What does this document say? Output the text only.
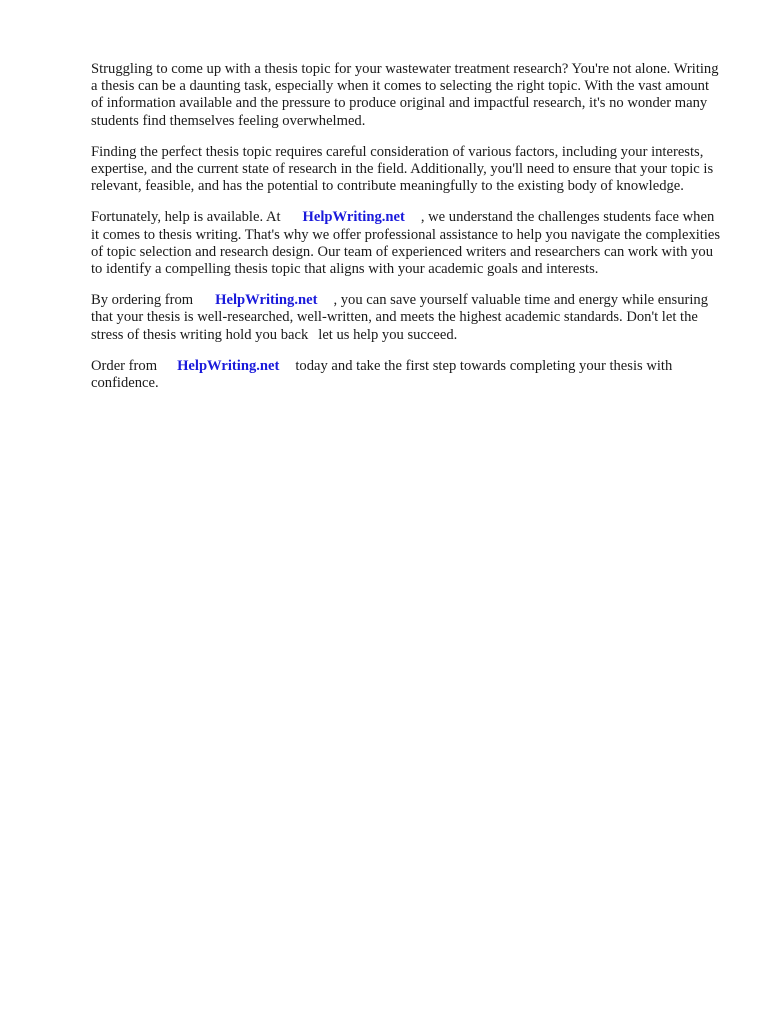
Struggling to come up with a thesis topic for your wastewater treatment research? You're not alone. Writing a thesis can be a daunting task, especially when it comes to selecting the right topic. With the vast amount of information available and the pressure to produce original and impactful research, it's no wonder many students find themselves feeling overwhelmed.

Finding the perfect thesis topic requires careful consideration of various factors, including your interests, expertise, and the current state of research in the field. Additionally, you'll need to ensure that your topic is relevant, feasible, and has the potential to contribute meaningfully to the existing body of knowledge.

Fortunately, help is available. At HelpWriting.net , we understand the challenges students face when it comes to thesis writing. That's why we offer professional assistance to help you navigate the complexities of topic selection and research design. Our team of experienced writers and researchers can work with you to identify a compelling thesis topic that aligns with your academic goals and interests.

By ordering from HelpWriting.net , you can save yourself valuable time and energy while ensuring that your thesis is well-researched, well-written, and meets the highest academic standards. Don't let the stress of thesis writing hold you back let us help you succeed.

Order from HelpWriting.net today and take the first step towards completing your thesis with confidence.
